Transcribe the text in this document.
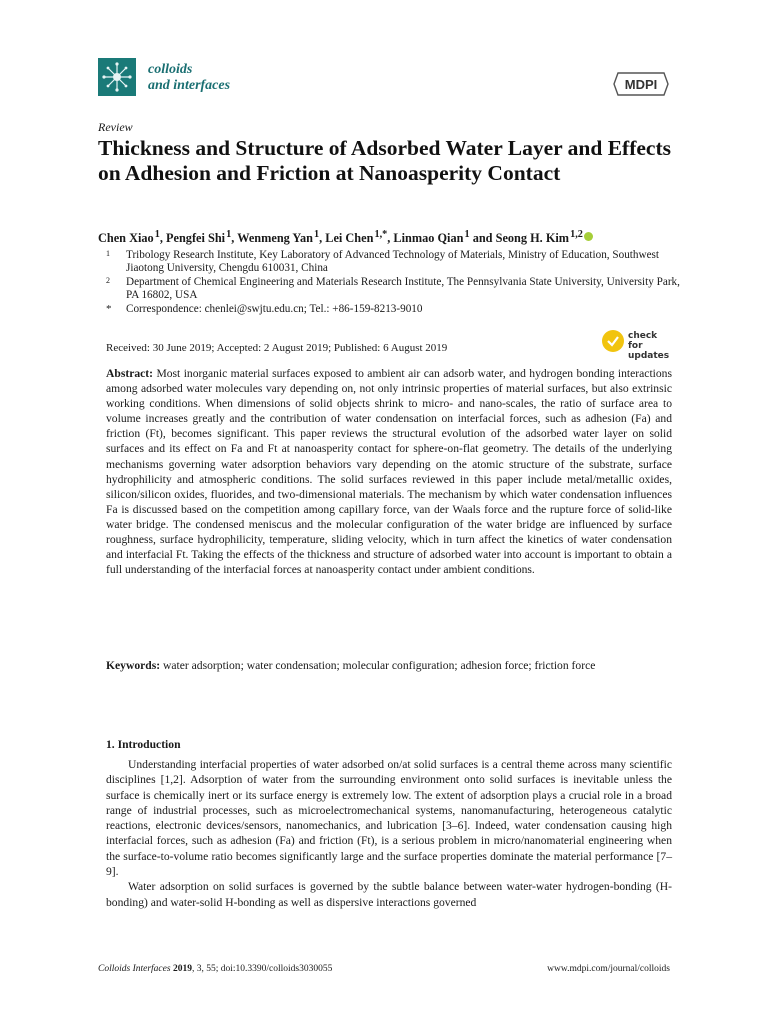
colloids
and interfaces	MDPI
Review
Thickness and Structure of Adsorbed Water Layer and Effects on Adhesion and Friction at Nanoasperity Contact
Chen Xiao $^1$, Pengfei Shi $^1$, Wenmeng Yan $^1$, Lei Chen $^{1,*}$, Linmao Qian $^1$ and Seong H. Kim $^{1,2}$
1 Tribology Research Institute, Key Laboratory of Advanced Technology of Materials, Ministry of Education, Southwest Jiaotong University, Chengdu 610031, China
2 Department of Chemical Engineering and Materials Research Institute, The Pennsylvania State University, University Park, PA 16802, USA
* Correspondence: chenlei@swjtu.edu.cn; Tel.: +86-159-8213-9010
Received: 30 June 2019; Accepted: 2 August 2019; Published: 6 August 2019
check for
updates
Abstract: Most inorganic material surfaces exposed to ambient air can adsorb water, and hydrogen bonding interactions among adsorbed water molecules vary depending on, not only intrinsic properties of material surfaces, but also extrinsic working conditions. When dimensions of solid objects shrink to micro- and nano-scales, the ratio of surface area to volume increases greatly and the contribution of water condensation on interfacial forces, such as adhesion (Fa) and friction (Ft), becomes significant. This paper reviews the structural evolution of the adsorbed water layer on solid surfaces and its effect on Fa and Ft at nanoasperity contact for sphere-on-flat geometry. The details of the underlying mechanisms governing water adsorption behaviors vary depending on the atomic structure of the substrate, surface hydrophilicity and atmospheric conditions. The solid surfaces reviewed in this paper include metal/metallic oxides, silicon/silicon oxides, fluorides, and two-dimensional materials. The mechanism by which water condensation influences Fa is discussed based on the competition among capillary force, van der Waals force and the rupture force of solid-like water bridge. The condensed meniscus and the molecular configuration of the water bridge are influenced by surface roughness, surface hydrophilicity, temperature, sliding velocity, which in turn affect the kinetics of water condensation and interfacial Ft. Taking the effects of the thickness and structure of adsorbed water into account is important to obtain a full understanding of the interfacial forces at nanoasperity contact under ambient conditions.
Keywords: water adsorption; water condensation; molecular configuration; adhesion force; friction force
1. Introduction

Understanding interfacial properties of water adsorbed on/at solid surfaces is a central theme across many scientific disciplines [1,2]. Adsorption of water from the surrounding environment onto solid surfaces is inevitable unless the surface is chemically inert or its surface energy is extremely low. The extent of adsorption plays a crucial role in a broad range of industrial processes, such as microelectromechanical systems, nanomanufacturing, heterogeneous catalytic reactions, electronic devices/sensors, nanomechanics, and lubrication [3–6]. Indeed, water condensation causing high interfacial forces, such as adhesion (Fa) and friction (Ft), is a serious problem in micro/nanomaterial engineering when the surface-to-volume ratio becomes significantly large and the surface properties dominate the material performance [7–9].

Water adsorption on solid surfaces is governed by the subtle balance between water-water hydrogen-bonding (H-bonding) and water-solid H-bonding as well as dispersive interactions governed

Colloids Interfaces 2019, 3, 55; doi:10.3390/colloids3030055	www.mdpi.com/journal/colloids
